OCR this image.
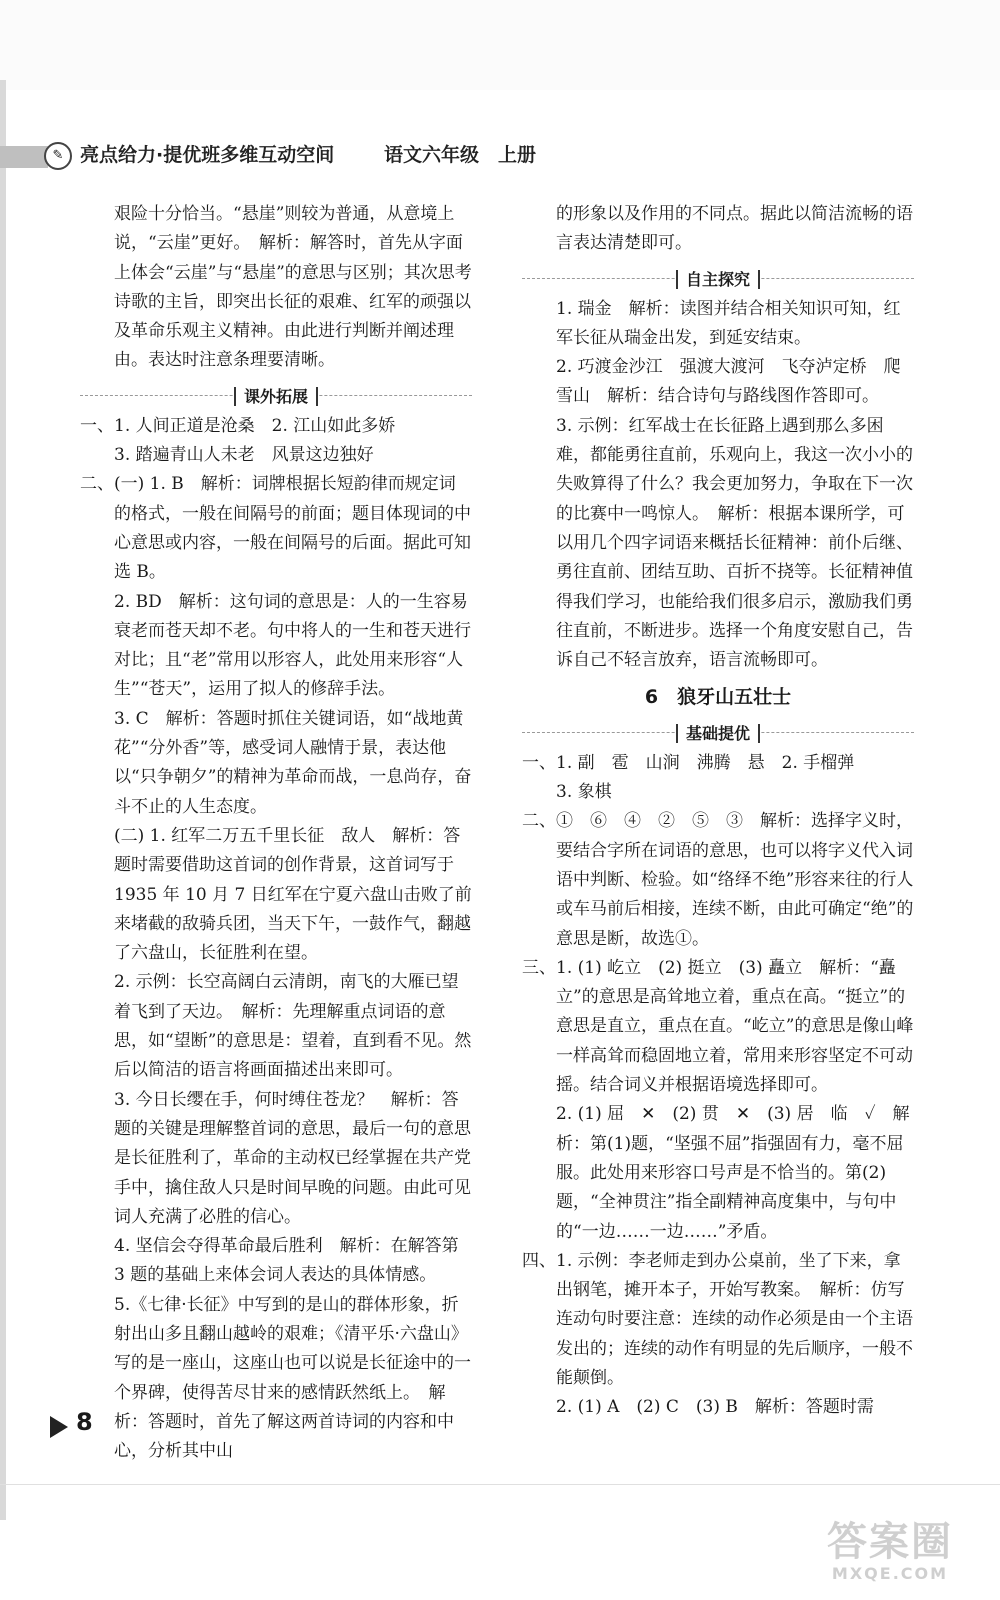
✎ 亮点给力·提优班多维互动空间	语文六年级　上册

艰险十分恰当。“悬崖”则较为普通，从意境上说，“云崖”更好。　解析：解答时，首先从字面上体会“云崖”与“悬崖”的意思与区别；其次思考诗歌的主旨，即突出长征的艰难、红军的顽强以及革命乐观主义精神。由此进行判断并阐述理由。表达时注意条理要清晰。

课外拓展

一、1. 人间正道是沧桑　2. 江山如此多娇

3. 踏遍青山人未老　风景这边独好

二、(一) 1. B　解析：词牌根据长短韵律而规定词的格式，一般在间隔号的前面；题目体现词的中心意思或内容，一般在间隔号的后面。据此可知选 B。

2. BD　解析：这句词的意思是：人的一生容易衰老而苍天却不老。句中将人的一生和苍天进行对比；且“老”常用以形容人，此处用来形容“人生”“苍天”，运用了拟人的修辞手法。

3. C　解析：答题时抓住关键词语，如“战地黄花”“分外香”等，感受词人融情于景，表达他以“只争朝夕”的精神为革命而战，一息尚存，奋斗不止的人生态度。

(二) 1. 红军二万五千里长征　敌人　解析：答题时需要借助这首词的创作背景，这首词写于 1935 年 10 月 7 日红军在宁夏六盘山击败了前来堵截的敌骑兵团，当天下午，一鼓作气，翻越了六盘山，长征胜利在望。

2. 示例：长空高阔白云清朗，南飞的大雁已望着飞到了天边。　解析：先理解重点词语的意思，如“望断”的意思是：望着，直到看不见。然后以简洁的语言将画面描述出来即可。

3. 今日长缨在手，何时缚住苍龙？　解析：答题的关键是理解整首词的意思，最后一句的意思是长征胜利了，革命的主动权已经掌握在共产党手中，擒住敌人只是时间早晚的问题。由此可见词人充满了必胜的信心。

4. 坚信会夺得革命最后胜利　解析：在解答第 3 题的基础上来体会词人表达的具体情感。

5.《七律·长征》中写到的是山的群体形象，折射出山多且翻山越岭的艰难；《清平乐·六盘山》写的是一座山，这座山也可以说是长征途中的一个界碑，使得苦尽甘来的感情跃然纸上。　解析：答题时，首先了解这两首诗词的内容和中心，分析其中山

的形象以及作用的不同点。据此以简洁流畅的语言表达清楚即可。

自主探究

1. 瑞金　解析：读图并结合相关知识可知，红军长征从瑞金出发，到延安结束。

2. 巧渡金沙江　强渡大渡河　飞夺泸定桥　爬雪山　解析：结合诗句与路线图作答即可。

3. 示例：红军战士在长征路上遇到那么多困难，都能勇往直前，乐观向上，我这一次小小的失败算得了什么？我会更加努力，争取在下一次的比赛中一鸣惊人。　解析：根据本课所学，可以用几个四字词语来概括长征精神：前仆后继、勇往直前、团结互助、百折不挠等。长征精神值得我们学习，也能给我们很多启示，激励我们勇往直前，不断进步。选择一个角度安慰自己，告诉自己不轻言放弃，语言流畅即可。

6　狼牙山五壮士
基础提优

一、1. 副　雹　山涧　沸腾　悬　2. 手榴弹

3. 象棋

二、①　⑥　④　②　⑤　③　解析：选择字义时，要结合字所在词语的意思，也可以将字义代入词语中判断、检验。如“络绎不绝”形容来往的行人或车马前后相接，连续不断，由此可确定“绝”的意思是断，故选①。

三、1. (1) 屹立　(2) 挺立　(3) 矗立　解析：“矗立”的意思是高耸地立着，重点在高。“挺立”的意思是直立，重点在直。“屹立”的意思是像山峰一样高耸而稳固地立着，常用来形容坚定不可动摇。结合词义并根据语境选择即可。

2. (1) 屈　✕　(2) 贯　✕　(3) 居　临　✓　解析：第(1)题，“坚强不屈”指强固有力，毫不屈服。此处用来形容口号声是不恰当的。第(2)题，“全神贯注”指全副精神高度集中，与句中的“一边……一边……”矛盾。

四、1. 示例：李老师走到办公桌前，坐了下来，拿出钢笔，摊开本子，开始写教案。　解析：仿写连动句时要注意：连续的动作必须是由一个主语发出的；连续的动作有明显的先后顺序，一般不能颠倒。

2. (1) A　(2) C　(3) B　解析：答题时需

8
答案圈
MXQE.COM
